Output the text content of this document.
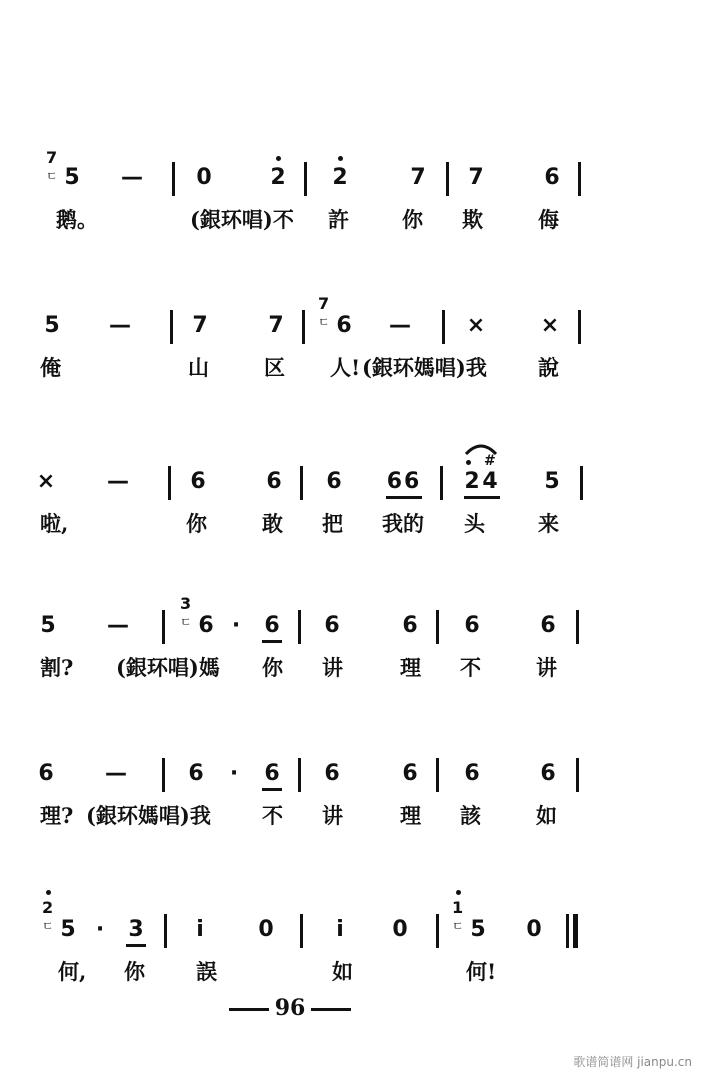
7
ㄷ 5 — 0	2 2	7 7	6
鹅。	(銀环唱)不 許	你 欺	侮
5 —	7	7
7
ㄷ 6 —	×	×
俺	山	区 人! (銀环媽唱)我 說
× —	6	6 6 66 2 4
#
5
啦,	你	敢 把 我的 头	来
5 —
3
ㄷ 6 · 6 6	6 6	6
割? (銀环唱)媽 你 讲	理 不	讲
6 —	6 · 6 6	6 6	6
理? (銀环媽唱)我 不 讲	理 該	如
2
ㄷ 5 · 3 i 0	i 0
1
ㄷ 5 0
何, 你 誤	如	何!
96
歌谱简谱网 jianpu.cn
